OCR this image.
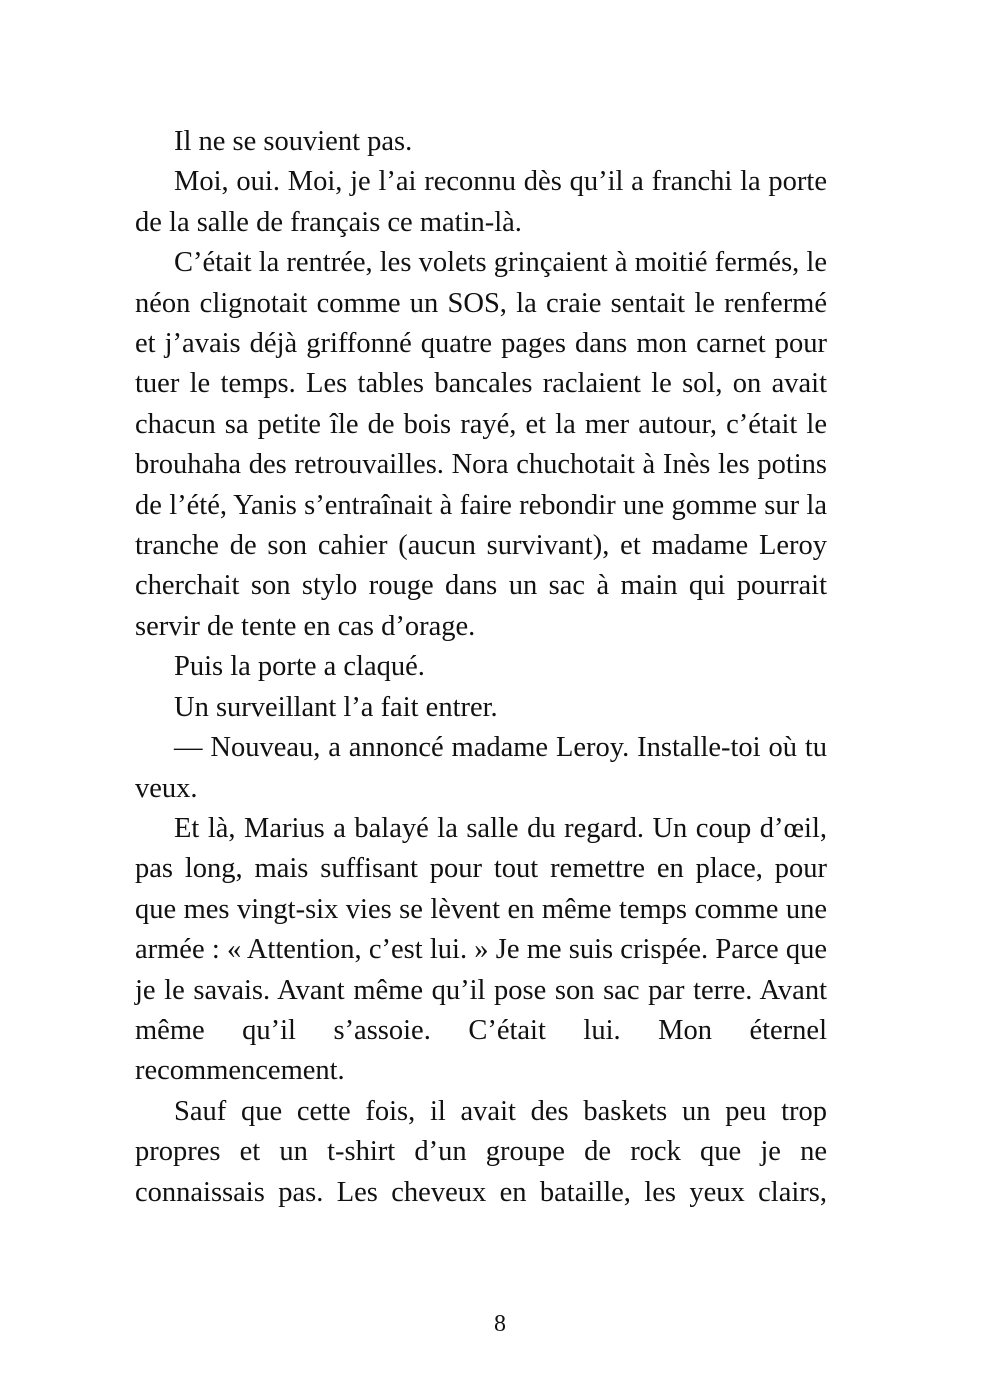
Il ne se souvient pas.

Moi, oui. Moi, je l’ai reconnu dès qu’il a franchi la porte de la salle de français ce matin-là.

C’était la rentrée, les volets grinçaient à moitié fermés, le néon clignotait comme un SOS, la craie sentait le renfermé et j’avais déjà griffonné quatre pages dans mon carnet pour tuer le temps. Les tables bancales raclaient le sol, on avait chacun sa petite île de bois rayé, et la mer autour, c’était le brouhaha des retrouvailles. Nora chuchotait à Inès les potins de l’été, Yanis s’entraînait à faire rebondir une gomme sur la tranche de son cahier (aucun survivant), et madame Leroy cherchait son stylo rouge dans un sac à main qui pourrait servir de tente en cas d’orage.

Puis la porte a claqué.

Un surveillant l’a fait entrer.

— Nouveau, a annoncé madame Leroy. Installe-toi où tu veux.

Et là, Marius a balayé la salle du regard. Un coup d’œil, pas long, mais suffisant pour tout remettre en place, pour que mes vingt-six vies se lèvent en même temps comme une armée : « Attention, c’est lui. » Je me suis crispée. Parce que je le savais. Avant même qu’il pose son sac par terre. Avant même qu’il s’assoie. C’était lui. Mon éternel recommencement.

Sauf que cette fois, il avait des baskets un peu trop propres et un t-shirt d’un groupe de rock que je ne connaissais pas. Les cheveux en bataille, les yeux clairs,

8
